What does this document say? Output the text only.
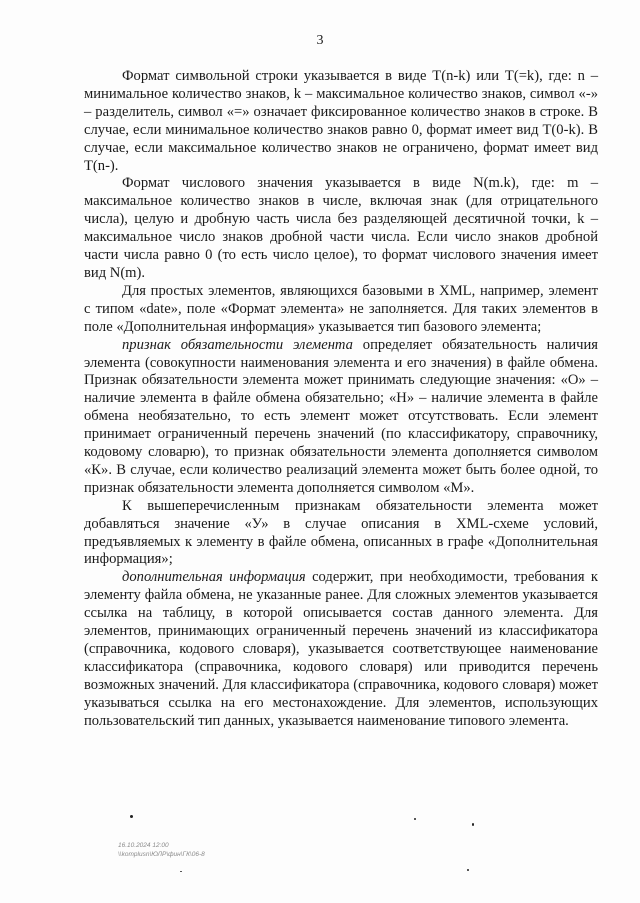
3

Формат символьной строки указывается в виде T(n-k) или T(=k), где: n – минимальное количество знаков, k – максимальное количество знаков, символ «-» – разделитель, символ «=» означает фиксированное количество знаков в строке. В случае, если минимальное количество знаков равно 0, формат имеет вид T(0-k). В случае, если максимальное количество знаков не ограничено, формат имеет вид T(n-).

Формат числового значения указывается в виде N(m.k), где: m – максимальное количество знаков в числе, включая знак (для отрицательного числа), целую и дробную часть числа без разделяющей десятичной точки, k – максимальное число знаков дробной части числа. Если число знаков дробной части числа равно 0 (то есть число целое), то формат числового значения имеет вид N(m).

Для простых элементов, являющихся базовыми в XML, например, элемент с типом «date», поле «Формат элемента» не заполняется. Для таких элементов в поле «Дополнительная информация» указывается тип базового элемента;

признак обязательности элемента определяет обязательность наличия элемента (совокупности наименования элемента и его значения) в файле обмена. Признак обязательности элемента может принимать следующие значения: «О» – наличие элемента в файле обмена обязательно; «Н» – наличие элемента в файле обмена необязательно, то есть элемент может отсутствовать. Если элемент принимает ограниченный перечень значений (по классификатору, справочнику, кодовому словарю), то признак обязательности элемента дополняется символом «К». В случае, если количество реализаций элемента может быть более одной, то признак обязательности элемента дополняется символом «М».

К вышеперечисленным признакам обязательности элемента может добавляться значение «У» в случае описания в XML-схеме условий, предъявляемых к элементу в файле обмена, описанных в графе «Дополнительная информация»;

дополнительная информация содержит, при необходимости, требования к элементу файла обмена, не указанные ранее. Для сложных элементов указывается ссылка на таблицу, в которой описывается состав данного элемента. Для элементов, принимающих ограниченный перечень значений из классификатора (справочника, кодового словаря), указывается соответствующее наименование классификатора (справочника, кодового словаря) или приводится перечень возможных значений. Для классификатора (справочника, кодового словаря) может указываться ссылка на его местонахождение. Для элементов, использующих пользовательский тип данных, указывается наименование типового элемента.

16.10.2024 12:00
\\komplusn\ЮЛР\фин\ГК\06-8
